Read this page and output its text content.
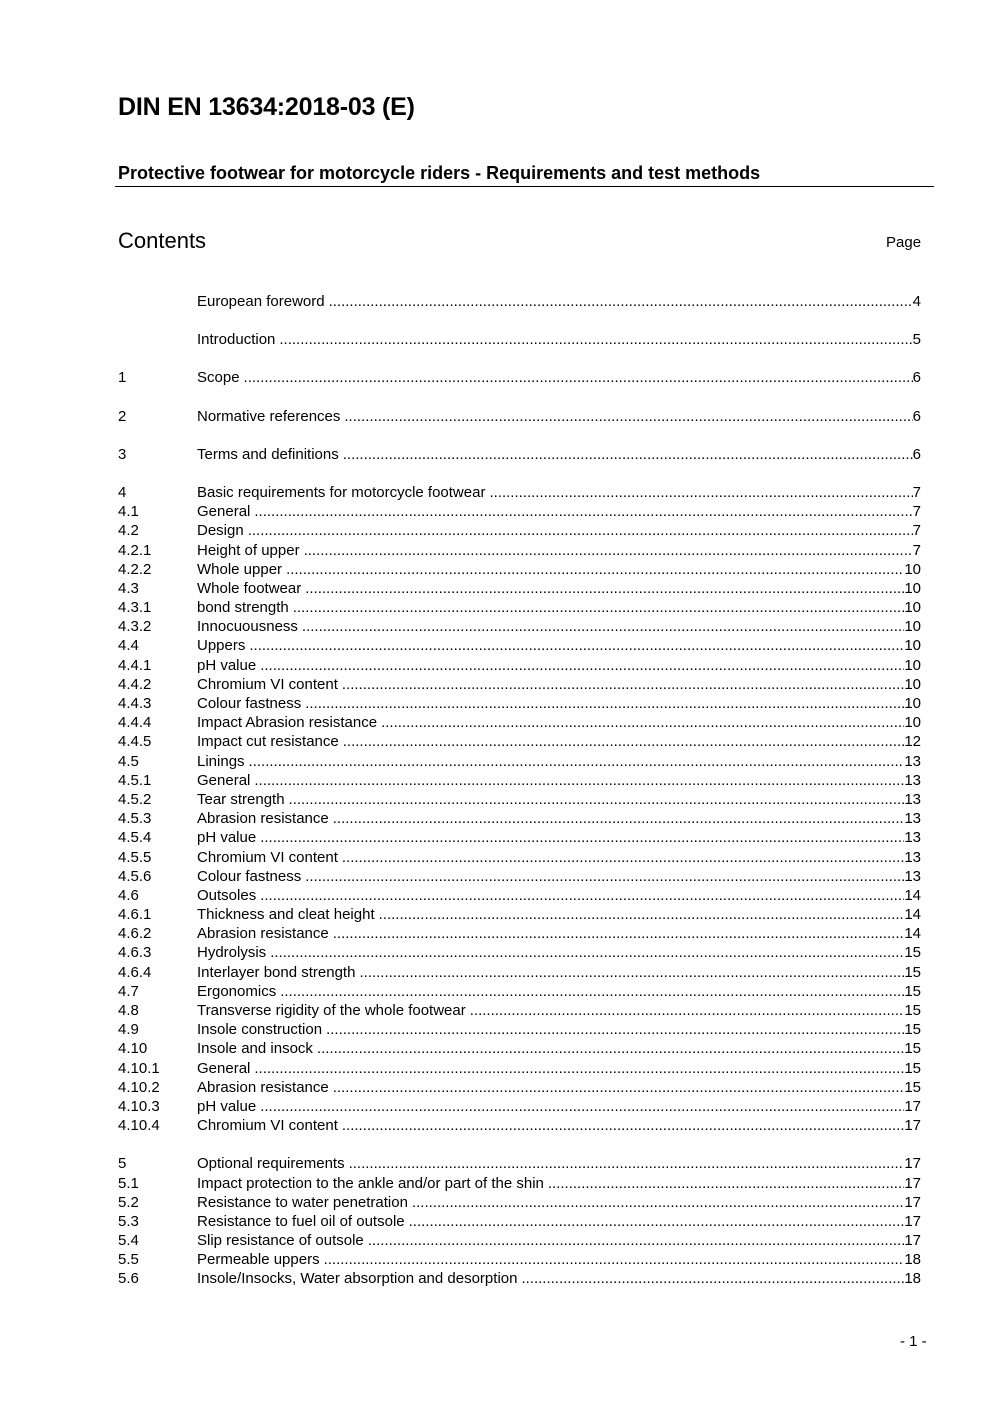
DIN EN 13634:2018-03 (E)
Protective footwear for motorcycle riders - Requirements and test methods
Contents	Page
European foreword .....	4
Introduction .....	5
1	Scope .....	6
2	Normative references .....	6
3	Terms and definitions .....	6
4	Basic requirements for motorcycle footwear .....	7
4.1	General .....	7
4.2	Design .....	7
4.2.1	Height of upper .....	7
4.2.2	Whole upper .....	10
4.3	Whole footwear .....	10
4.3.1	bond strength .....	10
4.3.2	Innocuousness .....	10
4.4	Uppers .....	10
4.4.1	pH value .....	10
4.4.2	Chromium VI content .....	10
4.4.3	Colour fastness .....	10
4.4.4	Impact Abrasion resistance .....	10
4.4.5	Impact cut resistance .....	12
4.5	Linings .....	13
4.5.1	General .....	13
4.5.2	Tear strength .....	13
4.5.3	Abrasion resistance .....	13
4.5.4	pH value .....	13
4.5.5	Chromium VI content .....	13
4.5.6	Colour fastness .....	13
4.6	Outsoles .....	14
4.6.1	Thickness and cleat height .....	14
4.6.2	Abrasion resistance .....	14
4.6.3	Hydrolysis .....	15
4.6.4	Interlayer bond strength .....	15
4.7	Ergonomics .....	15
4.8	Transverse rigidity of the whole footwear .....	15
4.9	Insole construction .....	15
4.10	Insole and insock .....	15
4.10.1	General .....	15
4.10.2	Abrasion resistance .....	15
4.10.3	pH value .....	17
4.10.4	Chromium VI content .....	17
5	Optional requirements .....	17
5.1	Impact protection to the ankle and/or part of the shin .....	17
5.2	Resistance to water penetration .....	17
5.3	Resistance to fuel oil of outsole .....	17
5.4	Slip resistance of outsole .....	17
5.5	Permeable uppers .....	18
5.6	Insole/Insocks, Water absorption and desorption .....	18
- 1 -
